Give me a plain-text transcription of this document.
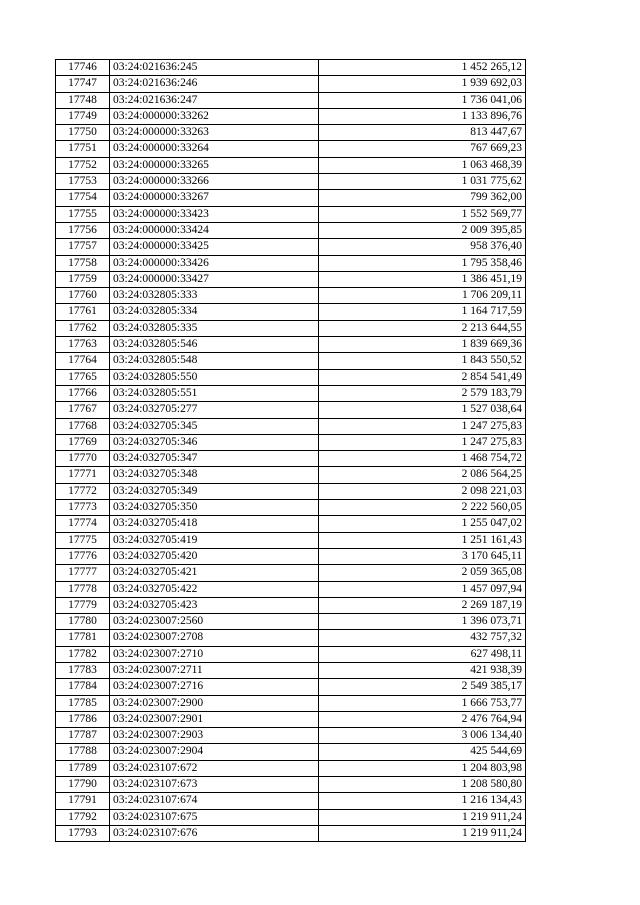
17746	03:24:021636:245	1 452 265,12
17747	03:24:021636:246	1 939 692,03
17748	03:24:021636:247	1 736 041,06
17749	03:24:000000:33262	1 133 896,76
17750	03:24:000000:33263	813 447,67
17751	03:24:000000:33264	767 669,23
17752	03:24:000000:33265	1 063 468,39
17753	03:24:000000:33266	1 031 775,62
17754	03:24:000000:33267	799 362,00
17755	03:24:000000:33423	1 552 569,77
17756	03:24:000000:33424	2 009 395,85
17757	03:24:000000:33425	958 376,40
17758	03:24:000000:33426	1 795 358,46
17759	03:24:000000:33427	1 386 451,19
17760	03:24:032805:333	1 706 209,11
17761	03:24:032805:334	1 164 717,59
17762	03:24:032805:335	2 213 644,55
17763	03:24:032805:546	1 839 669,36
17764	03:24:032805:548	1 843 550,52
17765	03:24:032805:550	2 854 541,49
17766	03:24:032805:551	2 579 183,79
17767	03:24:032705:277	1 527 038,64
17768	03:24:032705:345	1 247 275,83
17769	03:24:032705:346	1 247 275,83
17770	03:24:032705:347	1 468 754,72
17771	03:24:032705:348	2 086 564,25
17772	03:24:032705:349	2 098 221,03
17773	03:24:032705:350	2 222 560,05
17774	03:24:032705:418	1 255 047,02
17775	03:24:032705:419	1 251 161,43
17776	03:24:032705:420	3 170 645,11
17777	03:24:032705:421	2 059 365,08
17778	03:24:032705:422	1 457 097,94
17779	03:24:032705:423	2 269 187,19
17780	03:24:023007:2560	1 396 073,71
17781	03:24:023007:2708	432 757,32
17782	03:24:023007:2710	627 498,11
17783	03:24:023007:2711	421 938,39
17784	03:24:023007:2716	2 549 385,17
17785	03:24:023007:2900	1 666 753,77
17786	03:24:023007:2901	2 476 764,94
17787	03:24:023007:2903	3 006 134,40
17788	03:24:023007:2904	425 544,69
17789	03:24:023107:672	1 204 803,98
17790	03:24:023107:673	1 208 580,80
17791	03:24:023107:674	1 216 134,43
17792	03:24:023107:675	1 219 911,24
17793	03:24:023107:676	1 219 911,24
